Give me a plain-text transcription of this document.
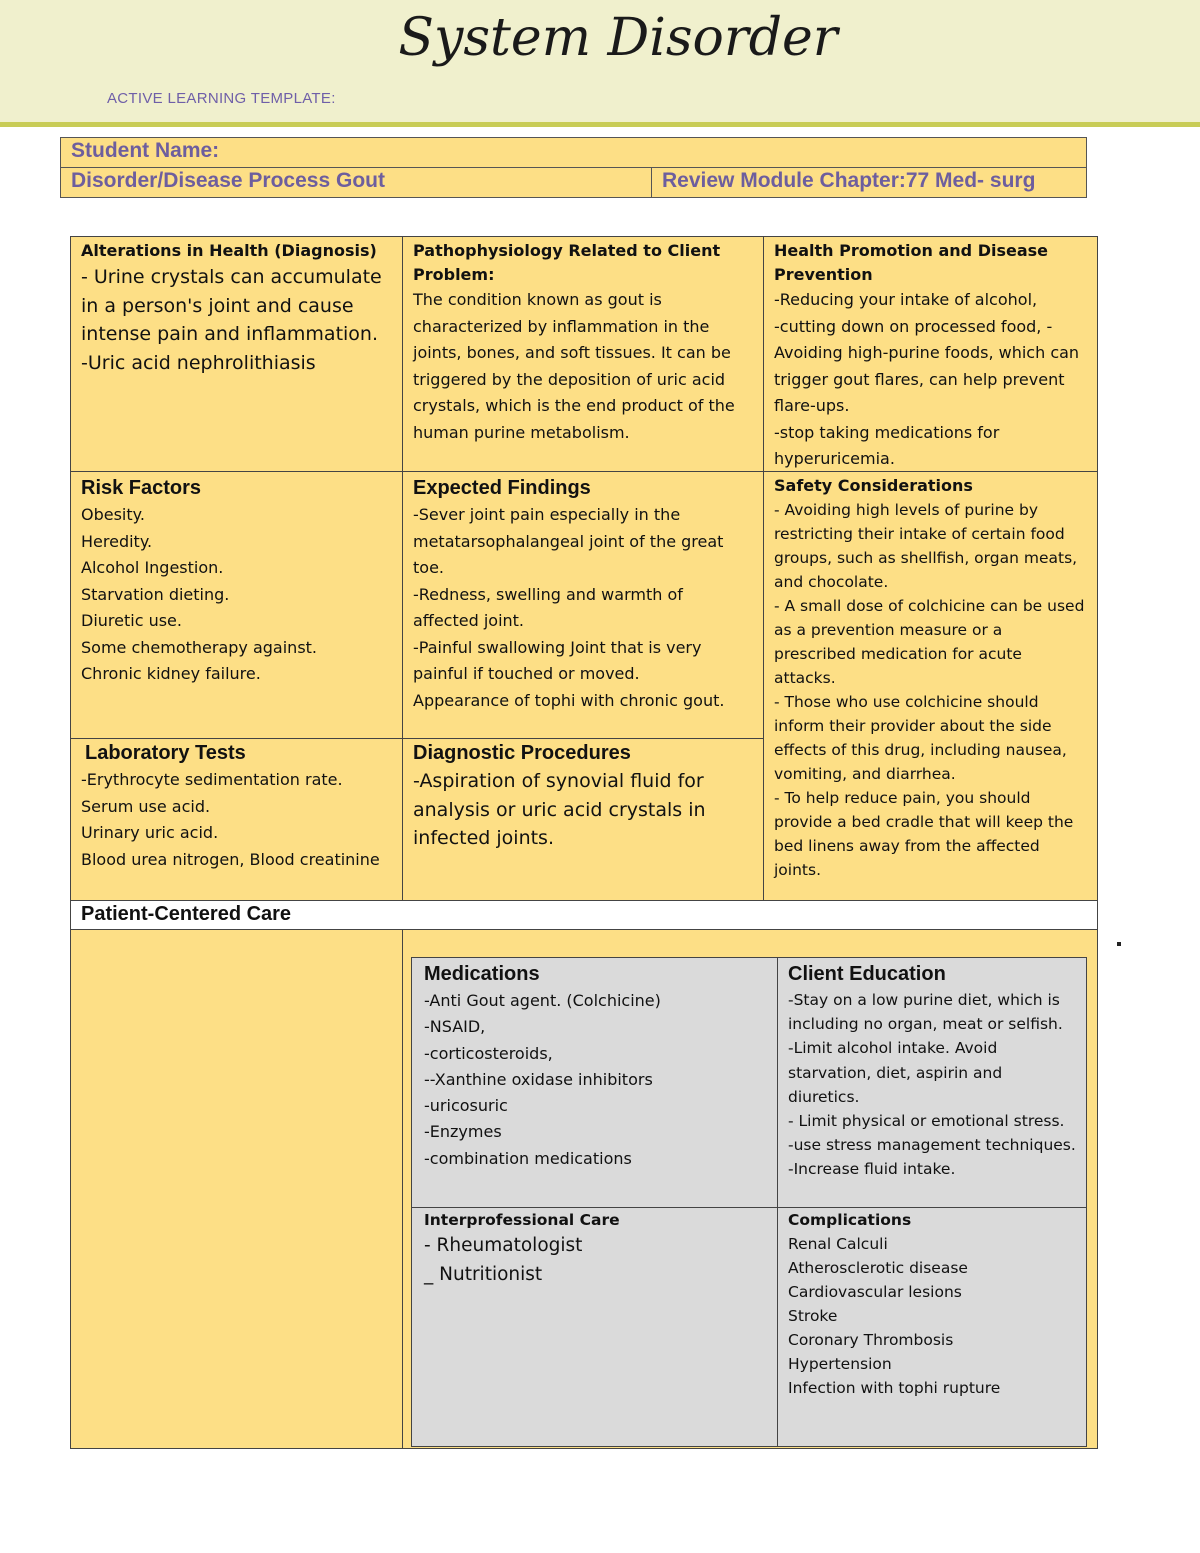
System Disorder
ACTIVE LEARNING TEMPLATE:
Student Name:
Disorder/Disease Process Gout	Review Module Chapter:77 Med- surg
Alterations in Health (Diagnosis)
- Urine crystals can accumulate in a person's joint and cause intense pain and inflammation.
-Uric acid nephrolithiasis
Pathophysiology Related to Client Problem:
The condition known as gout is characterized by inflammation in the joints, bones, and soft tissues. It can be triggered by the deposition of uric acid crystals, which is the end product of the human purine metabolism.
Health Promotion and Disease Prevention
-Reducing your intake of alcohol,
-cutting down on processed food, -Avoiding high-purine foods, which can trigger gout flares, can help prevent flare-ups.
-stop taking medications for hyperuricemia.
Risk Factors
Obesity.
Heredity.
Alcohol Ingestion.
Starvation dieting.
Diuretic use.
Some chemotherapy against.
Chronic kidney failure.
Expected Findings
-Sever joint pain especially in the metatarsophalangeal joint of the great toe.
-Redness, swelling and warmth of affected joint.
-Painful swallowing Joint that is very painful if touched or moved.
Appearance of tophi with chronic gout.
Safety Considerations
- Avoiding high levels of purine by restricting their intake of certain food groups, such as shellfish, organ meats, and chocolate.
- A small dose of colchicine can be used as a prevention measure or a prescribed medication for acute attacks.
- Those who use colchicine should inform their provider about the side effects of this drug, including nausea, vomiting, and diarrhea.
- To help reduce pain, you should provide a bed cradle that will keep the bed linens away from the affected joints.
Laboratory Tests
-Erythrocyte sedimentation rate.
Serum use acid.
Urinary uric acid.
Blood urea nitrogen, Blood creatinine
Diagnostic Procedures
-Aspiration of synovial fluid for analysis or uric acid crystals in infected joints.
Patient-Centered Care
Medications
-Anti Gout agent. (Colchicine)
-NSAID,
-corticosteroids,
--Xanthine oxidase inhibitors
-uricosuric
-Enzymes
-combination medications
Client Education
-Stay on a low purine diet, which is including no organ, meat or selfish.
-Limit alcohol intake. Avoid starvation, diet, aspirin and diuretics.
- Limit physical or emotional stress.
-use stress management techniques.
-Increase fluid intake.
Interprofessional Care
- Rheumatologist
_ Nutritionist
Complications
Renal Calculi
Atherosclerotic disease
Cardiovascular lesions
Stroke
Coronary Thrombosis
Hypertension
Infection with tophi rupture
